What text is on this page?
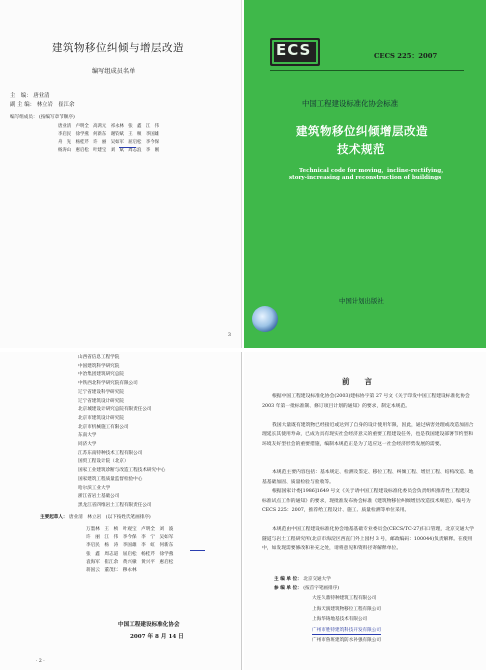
建筑物移位纠倾与增层改造
编写组成员名单
主　编： 唐业清
副 主 编： 林立岩　崔江余
编写组成员： (按编写章节顺序)
唐业清　卢明全　高鸿元　祁永林　张　鑫　江　伟
李启民　徐学燕　何新东　谢钧斌　王　帧　李国雄
舟　先　杨桂芹　许　丽　吴如军　屈启松　李今保
杨涛山　惠启松　叶建宝　刘　斌　周志浪　李　刚
3
ECS	CECS 225：2007
中国工程建设标准化协会标准
建筑物移位纠倾增层改造
技术规范
Technical code for moving，incline-rectifying，
story-increasing and reconstruction of buildings
中国计划出版社
山西省信息工程学院
中国建筑科学研究院
中冶集团建筑研究总院
中铁西北科学研究院有限公司
辽宁省建设科学研究院
辽宁省建筑设计研究院
北京城建设计研究总院有限责任公司
北京市建筑设计研究院
北京市机械施工有限公司
东南大学
同济大学
江苏东南特种技术工程有限公司
国贸工程设计院（北京）
国家工业建筑诊断与改造工程技术研究中心
国家建筑工程质量监督检验中心
哈尔滨工业大学
浙江省岩土基础公司
黑龙江省四维岩土工程有限责任公司
主要起草人： 唐业清　林立岩　(以下按姓氏笔画排序)
万墨林　王　桢　叶观宝　卢明全　刘　波
许　丽　江　伟　李今保　李　宁　吴如军
李启民　杨　涛　李国雄　李　虹　何新东
张　鑫　周志道　屈启松　杨桂芹　徐学燕
袁海军　崔江余　黄兴棣　黄兴平　惠启松
蒋国云　董茂仁　穆永林
中国工程建设标准化协会
2007 年 8 月 14 日
· 2 ·
前　　言
根据中国工程建设标准化协会(2003)建标协字第 27 号文《关于印发中国工程建设标准化协会 2003 年第一批标准制、修订项目计划的通知》的要求，制定本规范。
我国大量既有建筑物已经接近或达到了自身的设计使用年限，因此，通过病害处理或改造加固合理延长其使用寿命，已成为具有现实社会经济意义的重要工程建设任务，也是我国建设部署节约型和环境友好型社会的重要措施，编制本规范正是为了适应这一社会经济形势发展的需要。
本规范主要内容包括：基本规定、检测及鉴定、移位工程、纠倾工程、增层工程、结构改造、地基基础加固、质量检验与验收等。
根据国家计委[1986]1649 号文《关于请中国工程建设标准化委员会负责组织推荐性工程建设标准试点工作的通知》的要求，现批准发布协会标准《建筑物移位纠倾增层改造技术规范》，编号为 CECS 225：2007，推荐给工程设计、施工、质量检测等单位采用。
本规范由中国工程建设标准化协会地基基础专业委员会(CECS/TC-27)归口管理，北京交通大学隧道与岩土工程研究所(北京市海淀区西直门外上园村 3 号，邮政编码：100044)负责解释。在使用中，如发现需要修改和补充之处，请将意见和资料径寄解释单位。
主 编 单 位： 北京交通大学
参 编 单 位： (按首字笔画排序)
大连久鼎特种建筑工程有限公司
上海天演建筑物移位工程有限公司
上海华铸地基技术有限公司
广州市胜特建筑科技开发有限公司
广州市鲁班建筑防水补强有限公司
